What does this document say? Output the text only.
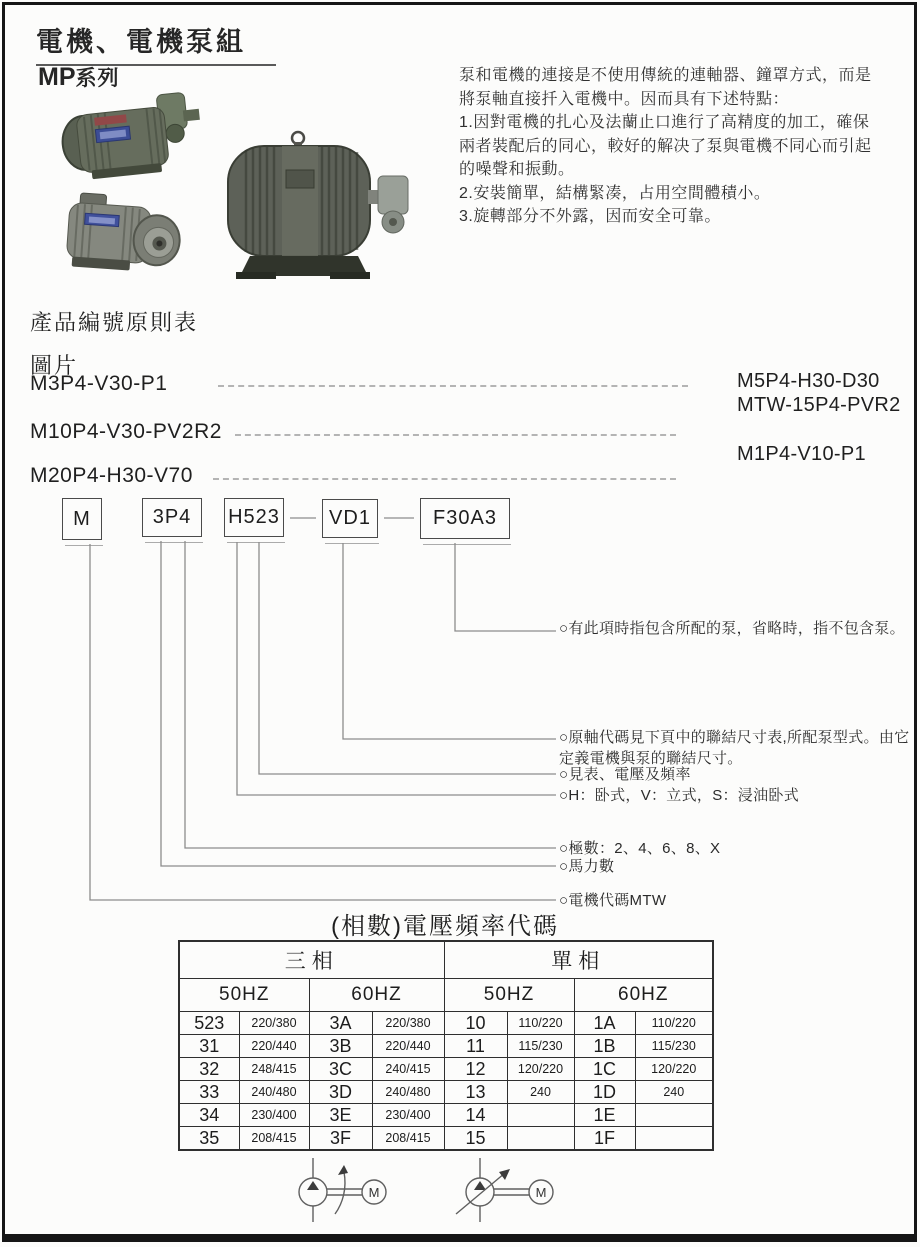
電機、電機泵組
MP系列	泵和電機的連接是不使用傳統的連軸器、鐘罩方式，而是
將泵軸直接扦入電機中。因而具有下述特點：
1.因對電機的扎心及法蘭止口進行了高精度的加工，確保
兩者裝配后的同心，較好的解决了泵與電機不同心而引起
的噪聲和振動。
2.安裝簡單，結構緊凑，占用空間體積小。
3.旋轉部分不外露，因而安全可靠。
產品編號原則表
圖片
M3P4-V30-P1
M10P4-V30-PV2R2
M20P4-H30-V70
M5P4-H30-D30
MTW-15P4-PVR2
M1P4-V10-P1
M	3P4	H523	VD1	F30A3
○有此項時指包含所配的泵，省略時，指不包含泵。
○原軸代碼見下頁中的聯結尺寸表,所配泵型式。由它定義電機與泵的聯結尺寸。
○見表、電壓及頻率
○H：卧式，V：立式，S：浸油卧式
○極數：2、4、6、8、X
○馬力數
○電機代碼MTW
(相數)電壓頻率代碼
三相				單相			
50HZ		60HZ		50HZ		60HZ	
523	220/380	3A	220/380	10	110/220	1A	110/220
31	220/440	3B	220/440	11	115/230	1B	115/230
32	248/415	3C	240/415	12	120/220	1C	120/220
33	240/480	3D	240/480	13	240	1D	240
34	230/400	3E	230/400	14		1E	
35	208/415	3F	208/415	15		1F	
M	M
